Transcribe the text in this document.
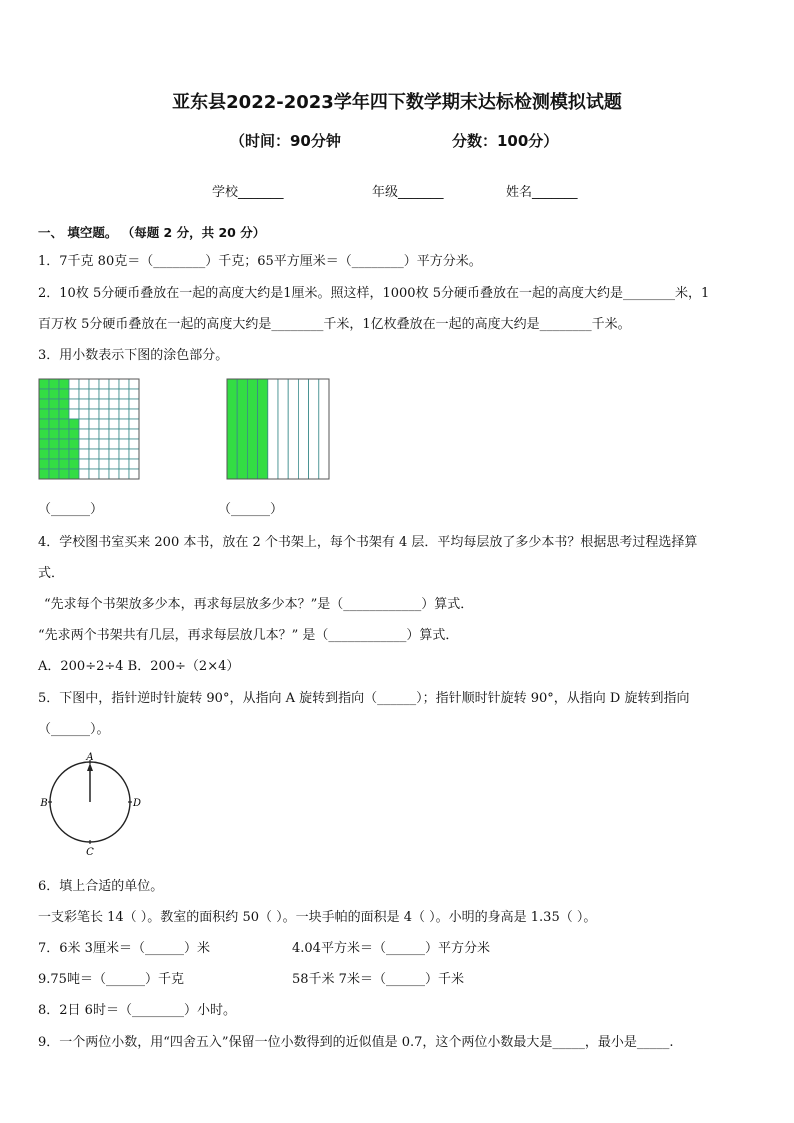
亚东县2022-2023学年四下数学期末达标检测模拟试题
（时间：90分钟	分数：100分）
学校_______	年级_______	姓名_______
一、 填空题。 （每题 2 分，共 20 分）
1．7千克 80克＝（________）千克；65平方厘米＝（________）平方分米。
2．10枚 5分硬币叠放在一起的高度大约是1厘米。照这样，1000枚 5分硬币叠放在一起的高度大约是________米，1
百万枚 5分硬币叠放在一起的高度大约是________千米，1亿枚叠放在一起的高度大约是________千米。
3．用小数表示下图的涂色部分。
（______）	（______）
4．学校图书室买来 200 本书，放在 2 个书架上，每个书架有 4 层．平均每层放了多少本书？根据思考过程选择算
式．
“先求每个书架放多少本，再求每层放多少本？”是（____________）算式．
“先求两个书架共有几层，再求每层放几本？” 是（____________）算式．
A．200÷2÷4 B．200÷（2×4）
5．下图中，指针逆时针旋转 90°，从指向 A 旋转到指向（______）；指针顺时针旋转 90°，从指向 D 旋转到指向
（______）。
A
B
C
D
6．填上合适的单位。
一支彩笔长 14（ ）。教室的面积约 50（ ）。一块手帕的面积是 4（ ）。小明的身高是 1.35（ ）。
7．6米 3厘米＝（______）米	4.04平方米＝（______）平方分米
9.75吨＝（______）千克	58千米 7米＝（______）千米
8．2日 6时＝（________）小时。
9．一个两位小数，用“四舍五入”保留一位小数得到的近似值是 0.7，这个两位小数最大是_____，最小是_____.
